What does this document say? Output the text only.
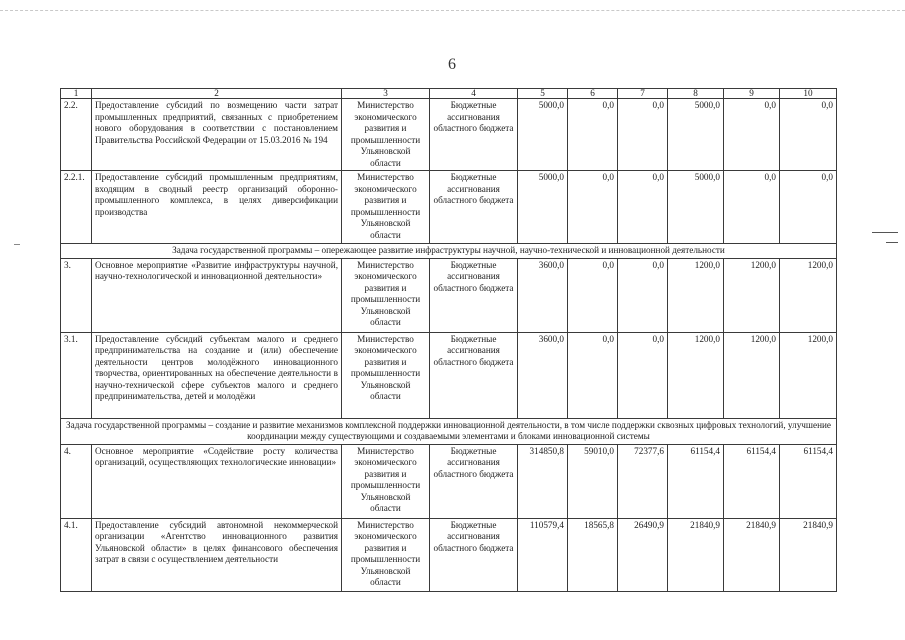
6
1	2	3	4	5	6	7	8	9	10
2.2.	Предоставление субсидий по возмещению части затрат промышленных предприятий, связанных с приобретением нового оборудования в соответствии с постановлением Правительства Российской Федерации от 15.03.2016 № 194	Министерство экономического развития и промышленности Ульяновской области	Бюджетные ассигнования областного бюджета	5000,0	0,0	0,0	5000,0	0,0	0,0
2.2.1.	Предоставление субсидий промышленным предприятиям, входящим в сводный реестр организаций оборонно-промышленного комплекса, в целях диверсификации производства	Министерство экономического развития и промышленности Ульяновской области	Бюджетные ассигнования областного бюджета	5000,0	0,0	0,0	5000,0	0,0	0,0
Задача государственной программы – опережающее развитие инфраструктуры научной, научно-технической и инновационной деятельности									
3.	Основное мероприятие «Развитие инфраструктуры научной, научно-технологической и инновационной деятельности»	Министерство экономического развития и промышленности Ульяновской области	Бюджетные ассигнования областного бюджета	3600,0	0,0	0,0	1200,0	1200,0	1200,0
3.1.	Предоставление субсидий субъектам малого и среднего предпринимательства на создание и (или) обеспечение деятельности центров молодёжного инновационного творчества, ориентированных на обеспечение деятельности в научно-технической сфере субъектов малого и среднего предпринимательства, детей и молодёжи	Министерство экономического развития и промышленности Ульяновской области	Бюджетные ассигнования областного бюджета	3600,0	0,0	0,0	1200,0	1200,0	1200,0
Задача государственной программы – создание и развитие механизмов комплексной поддержки инновационной деятельности, в том числе поддержки сквозных цифровых технологий, улучшение координации между существующими и создаваемыми элементами и блоками инновационной системы									
4.	Основное мероприятие «Содействие росту количества организаций, осуществляющих технологические инновации»	Министерство экономического развития и промышленности Ульяновской области	Бюджетные ассигнования областного бюджета	314850,8	59010,0	72377,6	61154,4	61154,4	61154,4
4.1.	Предоставление субсидий автономной некоммерческой организации «Агентство инновационного развития Ульяновской области» в целях финансового обеспечения затрат в связи с осуществлением деятельности	Министерство экономического развития и промышленности Ульяновской области	Бюджетные ассигнования областного бюджета	110579,4	18565,8	26490,9	21840,9	21840,9	21840,9
